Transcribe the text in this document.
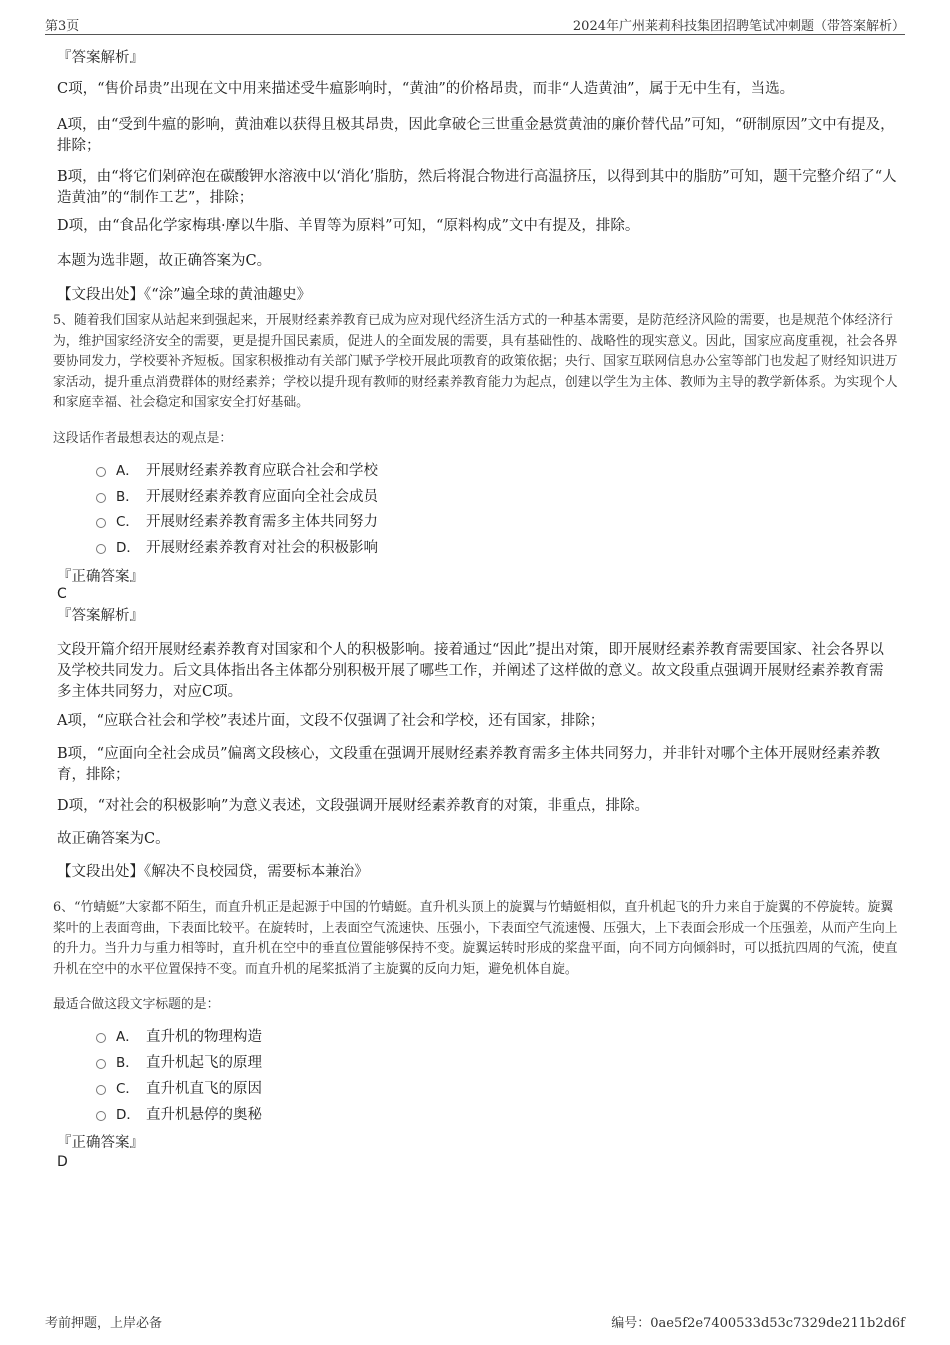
第3页	2024年广州莱莉科技集团招聘笔试冲刺题（带答案解析）
『答案解析』

C项，“售价昂贵”出现在文中用来描述受牛瘟影响时，“黄油”的价格昂贵，而非“人造黄油”，属于无中生有，当选。

A项，由“受到牛瘟的影响，黄油难以获得且极其昂贵，因此拿破仑三世重金悬赏黄油的廉价替代品”可知，“研制原因”文中有提及，排除；

B项，由“将它们剁碎泡在碳酸钾水溶液中以‘消化’脂肪，然后将混合物进行高温挤压，以得到其中的脂肪”可知，题干完整介绍了“人造黄油”的“制作工艺”，排除；

D项，由“食品化学家梅琪·摩以牛脂、羊胃等为原料”可知，“原料构成”文中有提及，排除。

本题为选非题，故正确答案为C。

【文段出处】《“涂”遍全球的黄油趣史》

5、随着我们国家从站起来到强起来，开展财经素养教育已成为应对现代经济生活方式的一种基本需要，是防范经济风险的需要，也是规范个体经济行为，维护国家经济安全的需要，更是提升国民素质，促进人的全面发展的需要，具有基础性的、战略性的现实意义。因此，国家应高度重视，社会各界要协同发力，学校要补齐短板。国家积极推动有关部门赋予学校开展此项教育的政策依据；央行、国家互联网信息办公室等部门也发起了财经知识进万家活动，提升重点消费群体的财经素养；学校以提升现有教师的财经素养教育能力为起点，创建以学生为主体、教师为主导的教学新体系。为实现个人和家庭幸福、社会稳定和国家安全打好基础。

这段话作者最想表达的观点是：
A． 开展财经素养教育应联合社会和学校
B． 开展财经素养教育应面向全社会成员
C． 开展财经素养教育需多主体共同努力
D． 开展财经素养教育对社会的积极影响
『正确答案』
C
『答案解析』

文段开篇介绍开展财经素养教育对国家和个人的积极影响。接着通过“因此”提出对策，即开展财经素养教育需要国家、社会各界以及学校共同发力。后文具体指出各主体都分别积极开展了哪些工作，并阐述了这样做的意义。故文段重点强调开展财经素养教育需多主体共同努力，对应C项。

A项，“应联合社会和学校”表述片面，文段不仅强调了社会和学校，还有国家，排除；

B项，“应面向全社会成员”偏离文段核心，文段重在强调开展财经素养教育需多主体共同努力，并非针对哪个主体开展财经素养教育，排除；

D项，“对社会的积极影响”为意义表述，文段强调开展财经素养教育的对策，非重点，排除。

故正确答案为C。

【文段出处】《解决不良校园贷，需要标本兼治》

6、“竹蜻蜓”大家都不陌生，而直升机正是起源于中国的竹蜻蜓。直升机头顶上的旋翼与竹蜻蜓相似，直升机起飞的升力来自于旋翼的不停旋转。旋翼桨叶的上表面弯曲，下表面比较平。在旋转时，上表面空气流速快、压强小，下表面空气流速慢、压强大，上下表面会形成一个压强差，从而产生向上的升力。当升力与重力相等时，直升机在空中的垂直位置能够保持不变。旋翼运转时形成的桨盘平面，向不同方向倾斜时，可以抵抗四周的气流，使直升机在空中的水平位置保持不变。而直升机的尾桨抵消了主旋翼的反向力矩，避免机体自旋。

最适合做这段文字标题的是：
A． 直升机的物理构造
B． 直升机起飞的原理
C． 直升机直飞的原因
D． 直升机悬停的奥秘
『正确答案』
D
考前押题，上岸必备	编号：0ae5f2e7400533d53c7329de211b2d6f
